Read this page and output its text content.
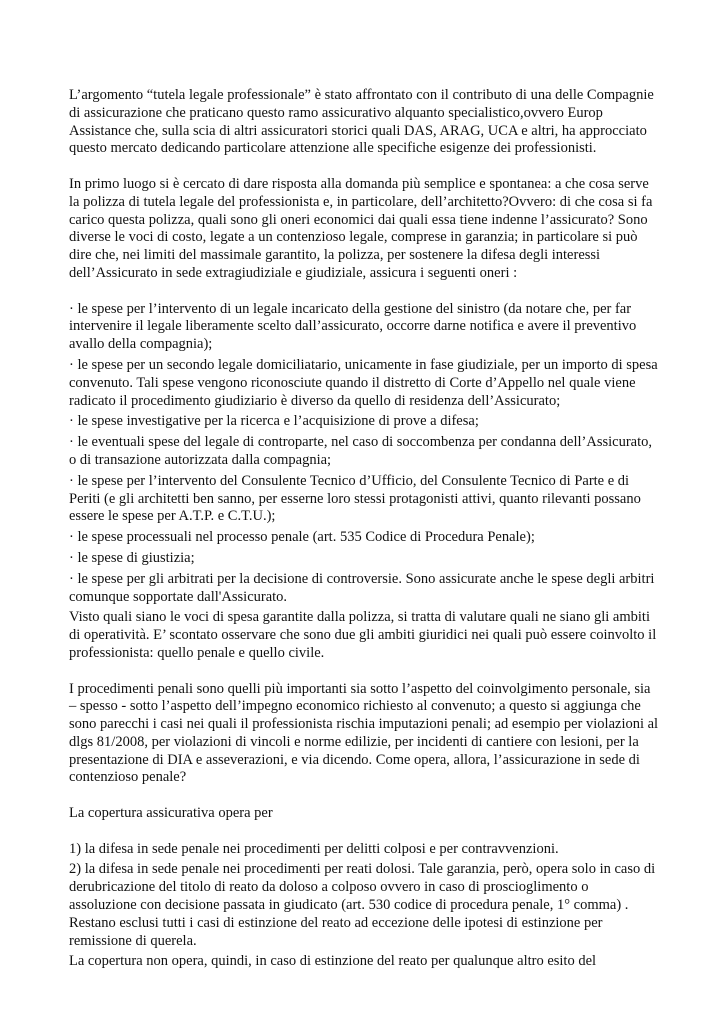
L’argomento “tutela legale professionale” è stato affrontato con il contributo di una delle Compagnie di assicurazione che praticano questo ramo assicurativo alquanto specialistico,ovvero Europ Assistance che, sulla scia di altri assicuratori storici quali DAS, ARAG, UCA e altri, ha approcciato questo mercato dedicando particolare attenzione alle specifiche esigenze dei professionisti.

In primo luogo si è cercato di dare risposta alla domanda più semplice e spontanea: a che cosa serve la polizza di tutela legale del professionista e, in particolare, dell’architetto?Ovvero: di che cosa si fa carico questa polizza, quali sono gli oneri economici dai quali essa tiene indenne l’assicurato? Sono diverse le voci di costo, legate a un contenzioso legale, comprese in garanzia; in particolare si può dire che, nei limiti del massimale garantito, la polizza, per sostenere la difesa degli interessi dell’Assicurato in sede extragiudiziale e giudiziale, assicura i seguenti oneri :

· le spese per l’intervento di un legale incaricato della gestione del sinistro (da notare che, per far intervenire il legale liberamente scelto dall’assicurato, occorre darne notifica e avere il preventivo avallo della compagnia);

· le spese per un secondo legale domiciliatario, unicamente in fase giudiziale, per un importo di spesa convenuto. Tali spese vengono riconosciute quando il distretto di Corte d’Appello nel quale viene radicato il procedimento giudiziario è diverso da quello di residenza dell’Assicurato;

· le spese investigative per la ricerca e l’acquisizione di prove a difesa;

· le eventuali spese del legale di controparte, nel caso di soccombenza per condanna dell’Assicurato, o di transazione autorizzata dalla compagnia;

· le spese per l’intervento del Consulente Tecnico d’Ufficio, del Consulente Tecnico di Parte e di Periti (e gli architetti ben sanno, per esserne loro stessi protagonisti attivi, quanto rilevanti possano essere le spese per A.T.P. e C.T.U.);

· le spese processuali nel processo penale (art. 535 Codice di Procedura Penale);

· le spese di giustizia;

· le spese per gli arbitrati per la decisione di controversie. Sono assicurate anche le spese degli arbitri comunque sopportate dall'Assicurato.

Visto quali siano le voci di spesa garantite dalla polizza, si tratta di valutare quali ne siano gli ambiti di operatività. E’ scontato osservare che sono due gli ambiti giuridici nei quali può essere coinvolto il professionista: quello penale e quello civile.

I procedimenti penali sono quelli più importanti sia sotto l’aspetto del coinvolgimento personale, sia – spesso - sotto l’aspetto dell’impegno economico richiesto al convenuto; a questo si aggiunga che sono parecchi i casi nei quali il professionista rischia imputazioni penali; ad esempio per violazioni al dlgs 81/2008, per violazioni di vincoli e norme edilizie, per incidenti di cantiere con lesioni, per la presentazione di DIA e asseverazioni, e via dicendo. Come opera, allora, l’assicurazione in sede di contenzioso penale?

La copertura assicurativa opera per

1) la difesa in sede penale nei procedimenti per delitti colposi e per contravvenzioni.

2) la difesa in sede penale nei procedimenti per reati dolosi. Tale garanzia, però, opera solo in caso di derubricazione del titolo di reato da doloso a colposo ovvero in caso di proscioglimento o assoluzione con decisione passata in giudicato (art. 530 codice di procedura penale, 1° comma) . Restano esclusi tutti i casi di estinzione del reato ad eccezione delle ipotesi di estinzione per remissione di querela.

La copertura non opera, quindi, in caso di estinzione del reato per qualunque altro esito del
